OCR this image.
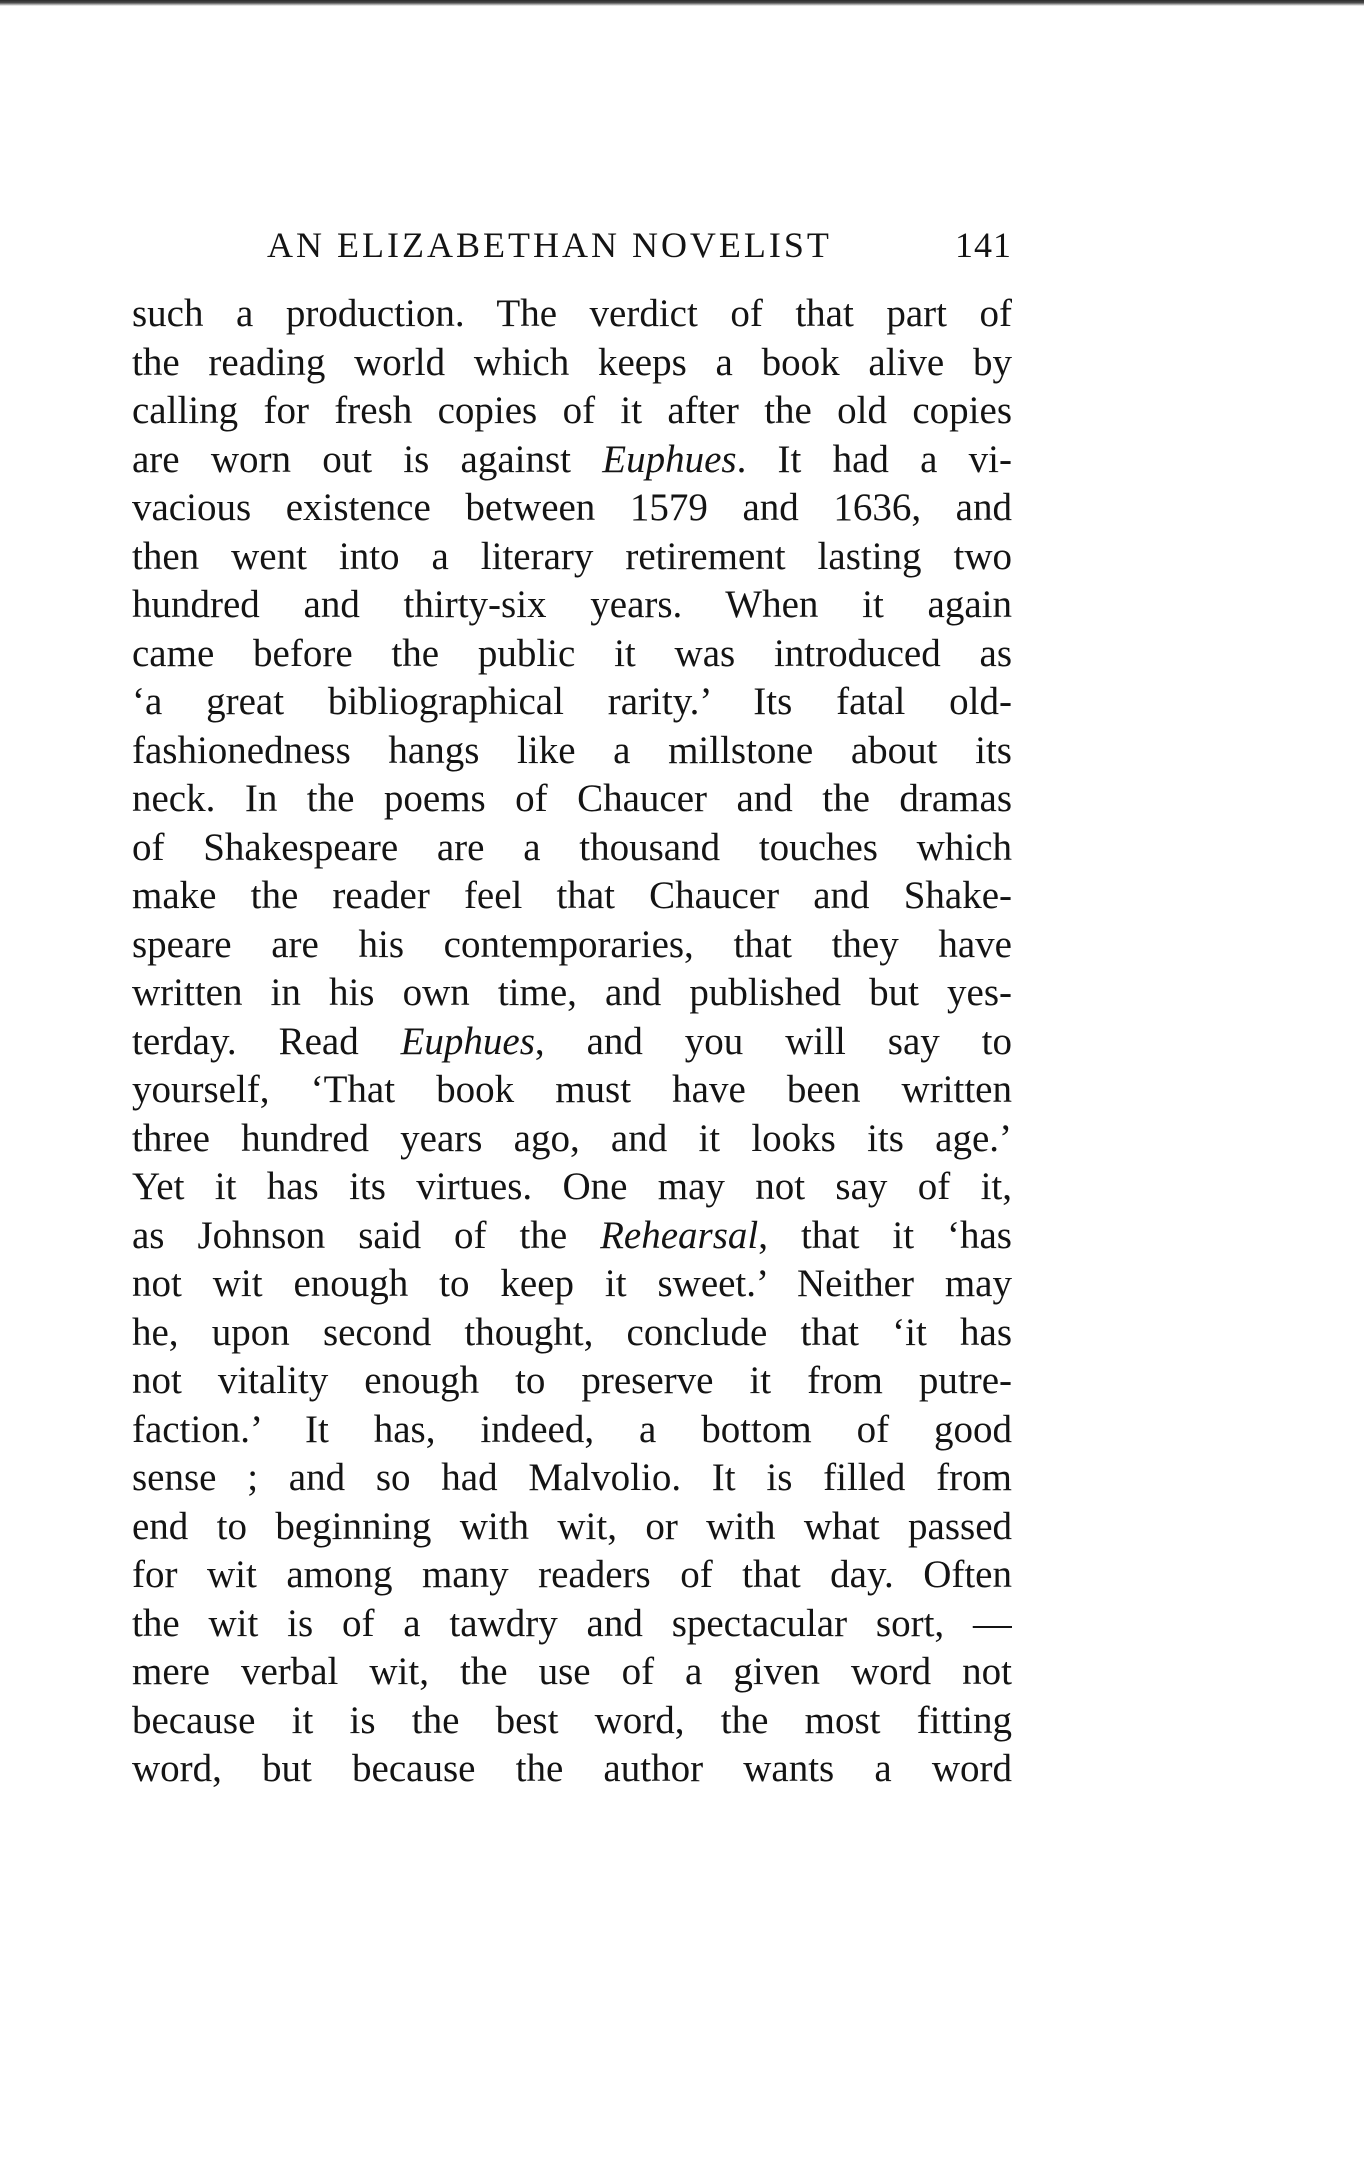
AN ELIZABETHAN NOVELIST	141
such a production. The verdict of that part of
the reading world which keeps a book alive by
calling for fresh copies of it after the old copies
are worn out is against Euphues. It had a vi-
vacious existence between 1579 and 1636, and
then went into a literary retirement lasting two
hundred and thirty-six years. When it again
came before the public it was introduced as
‘a great bibliographical rarity.’ Its fatal old-
fashionedness hangs like a millstone about its
neck. In the poems of Chaucer and the dramas
of Shakespeare are a thousand touches which
make the reader feel that Chaucer and Shake-
speare are his contemporaries, that they have
written in his own time, and published but yes-
terday. Read Euphues, and you will say to
yourself, ‘That book must have been written
three hundred years ago, and it looks its age.’
Yet it has its virtues. One may not say of it,
as Johnson said of the Rehearsal, that it ‘has
not wit enough to keep it sweet.’ Neither may
he, upon second thought, conclude that ‘it has
not vitality enough to preserve it from putre-
faction.’ It has, indeed, a bottom of good
sense ; and so had Malvolio. It is filled from
end to beginning with wit, or with what passed
for wit among many readers of that day. Often
the wit is of a tawdry and spectacular sort, —
mere verbal wit, the use of a given word not
because it is the best word, the most fitting
word, but because the author wants a word
